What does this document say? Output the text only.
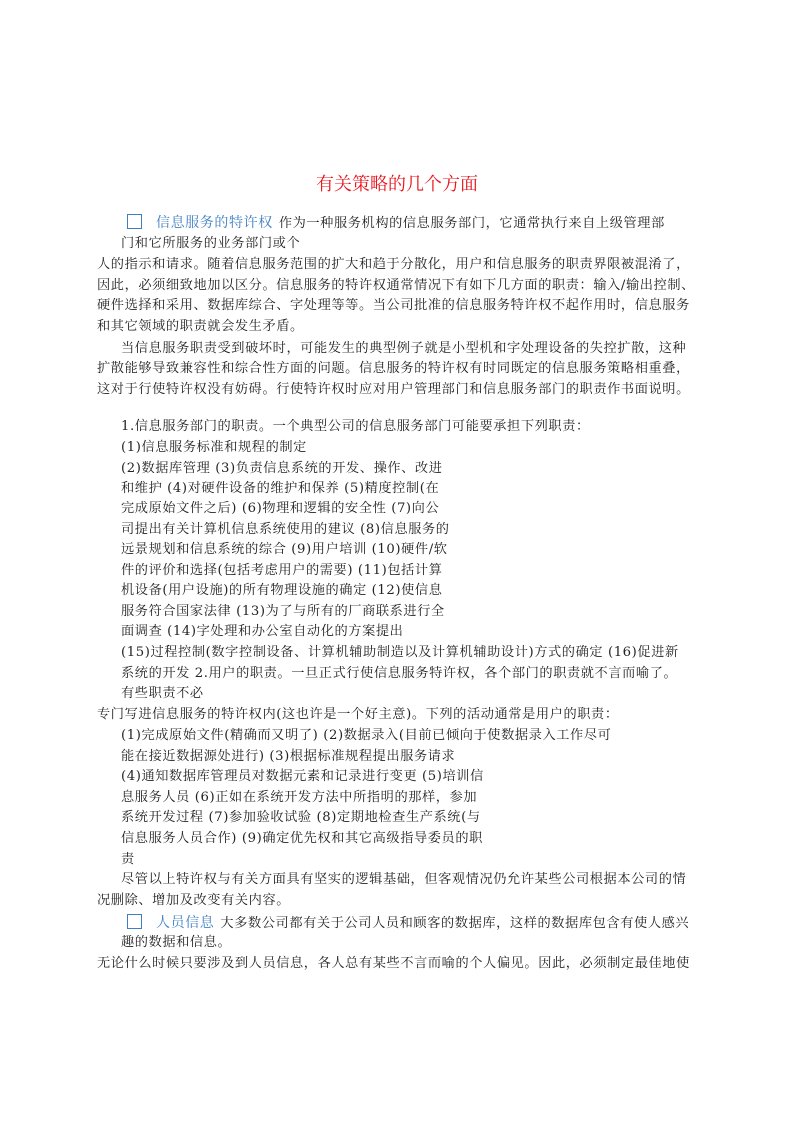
有关策略的几个方面
信息服务的特许权 作为一种服务机构的信息服务部门，它通常执行来自上级管理部
门和它所服务的业务部门或个
人的指示和请求。随着信息服务范围的扩大和趋于分散化，用户和信息服务的职责界限被混淆了，
因此，必须细致地加以区分。信息服务的特许权通常情况下有如下几方面的职责：输入/输出控制、
硬件选择和采用、数据库综合、字处理等等。当公司批准的信息服务特许权不起作用时，信息服务
和其它领域的职责就会发生矛盾。
当信息服务职责受到破坏时，可能发生的典型例子就是小型机和字处理设备的失控扩散，这种
扩散能够导致兼容性和综合性方面的问题。信息服务的特许权有时同既定的信息服务策略相重叠，
这对于行使特许权没有妨碍。行使特许权时应对用户管理部门和信息服务部门的职责作书面说明。
1.信息服务部门的职责。一个典型公司的信息服务部门可能要承担下列职责：
(1)信息服务标准和规程的制定
(2)数据库管理 (3)负责信息系统的开发、操作、改进
和维护 (4)对硬件设备的维护和保养 (5)精度控制(在
完成原始文件之后) (6)物理和逻辑的安全性 (7)向公
司提出有关计算机信息系统使用的建议 (8)信息服务的
远景规划和信息系统的综合 (9)用户培训 (10)硬件/软
件的评价和选择(包括考虑用户的需要) (11)包括计算
机设备(用户设施)的所有物理设施的确定 (12)使信息
服务符合国家法律 (13)为了与所有的厂商联系进行全
面调查 (14)字处理和办公室自动化的方案提出
(15)过程控制(数字控制设备、计算机辅助制造以及计算机辅助设计)方式的确定 (16)促进新
系统的开发 2.用户的职责。一旦正式行使信息服务特许权，各个部门的职责就不言而喻了。
有些职责不必
专门写进信息服务的特许权内(这也许是一个好主意)。下列的活动通常是用户的职责：
(1)完成原始文件(精确而又明了) (2)数据录入(目前已倾向于使数据录入工作尽可
能在接近数据源处进行) (3)根据标准规程提出服务请求
(4)通知数据库管理员对数据元素和记录进行变更 (5)培训信
息服务人员 (6)正如在系统开发方法中所指明的那样，参加
系统开发过程 (7)参加验收试验 (8)定期地检查生产系统(与
信息服务人员合作) (9)确定优先权和其它高级指导委员的职
责
尽管以上特许权与有关方面具有坚实的逻辑基础，但客观情况仍允许某些公司根据本公司的情
况删除、增加及改变有关内容。
人员信息 大多数公司都有关于公司人员和顾客的数据库，这样的数据库包含有使人感兴
趣的数据和信息。
无论什么时候只要涉及到人员信息，各人总有某些不言而喻的个人偏见。因此，必须制定最佳地使
